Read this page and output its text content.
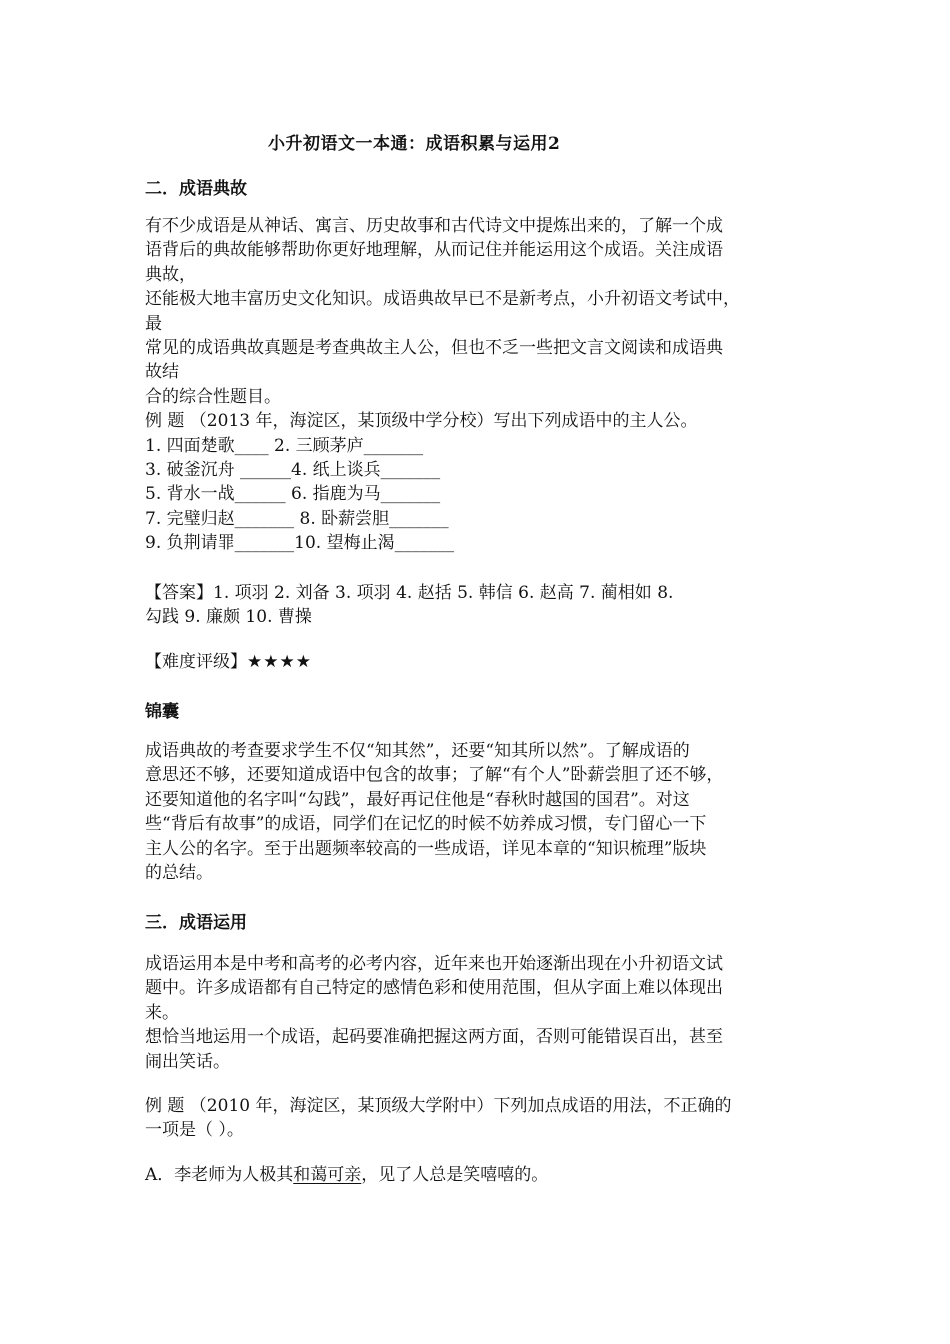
小升初语文一本通：成语积累与运用2
二．成语典故
有不少成语是从神话、寓言、历史故事和古代诗文中提炼出来的，了解一个成
语背后的典故能够帮助你更好地理解，从而记住并能运用这个成语。关注成语
典故，
还能极大地丰富历史文化知识。成语典故早已不是新考点，小升初语文考试中，
最
常见的成语典故真题是考查典故主人公，但也不乏一些把文言文阅读和成语典
故结
合的综合性题目。
例 题 （2013 年，海淀区，某顶级中学分校）写出下列成语中的主人公。
1. 四面楚歌____ 2. 三顾茅庐_______
3. 破釜沉舟 ______4. 纸上谈兵_______
5. 背水一战______ 6. 指鹿为马_______
7. 完璧归赵_______ 8. 卧薪尝胆_______
9. 负荆请罪_______10. 望梅止渴_______
【答案】1. 项羽 2. 刘备 3. 项羽 4. 赵括 5. 韩信 6. 赵高 7. 蔺相如 8.
勾践 9. 廉颇 10. 曹操
【难度评级】★★★★
锦囊
成语典故的考查要求学生不仅“知其然”，还要“知其所以然”。了解成语的
意思还不够，还要知道成语中包含的故事；了解“有个人”卧薪尝胆了还不够，
还要知道他的名字叫“勾践”，最好再记住他是“春秋时越国的国君”。对这
些“背后有故事”的成语，同学们在记忆的时候不妨养成习惯，专门留心一下
主人公的名字。至于出题频率较高的一些成语，详见本章的“知识梳理”版块
的总结。
三．成语运用
成语运用本是中考和高考的必考内容，近年来也开始逐渐出现在小升初语文试
题中。许多成语都有自己特定的感情色彩和使用范围，但从字面上难以体现出
来。
想恰当地运用一个成语，起码要准确把握这两方面，否则可能错误百出，甚至
闹出笑话。
例 题 （2010 年，海淀区，某顶级大学附中）下列加点成语的用法，不正确的
一项是（ ）。
A．李老师为人极其和蔼可亲，见了人总是笑嘻嘻的。
